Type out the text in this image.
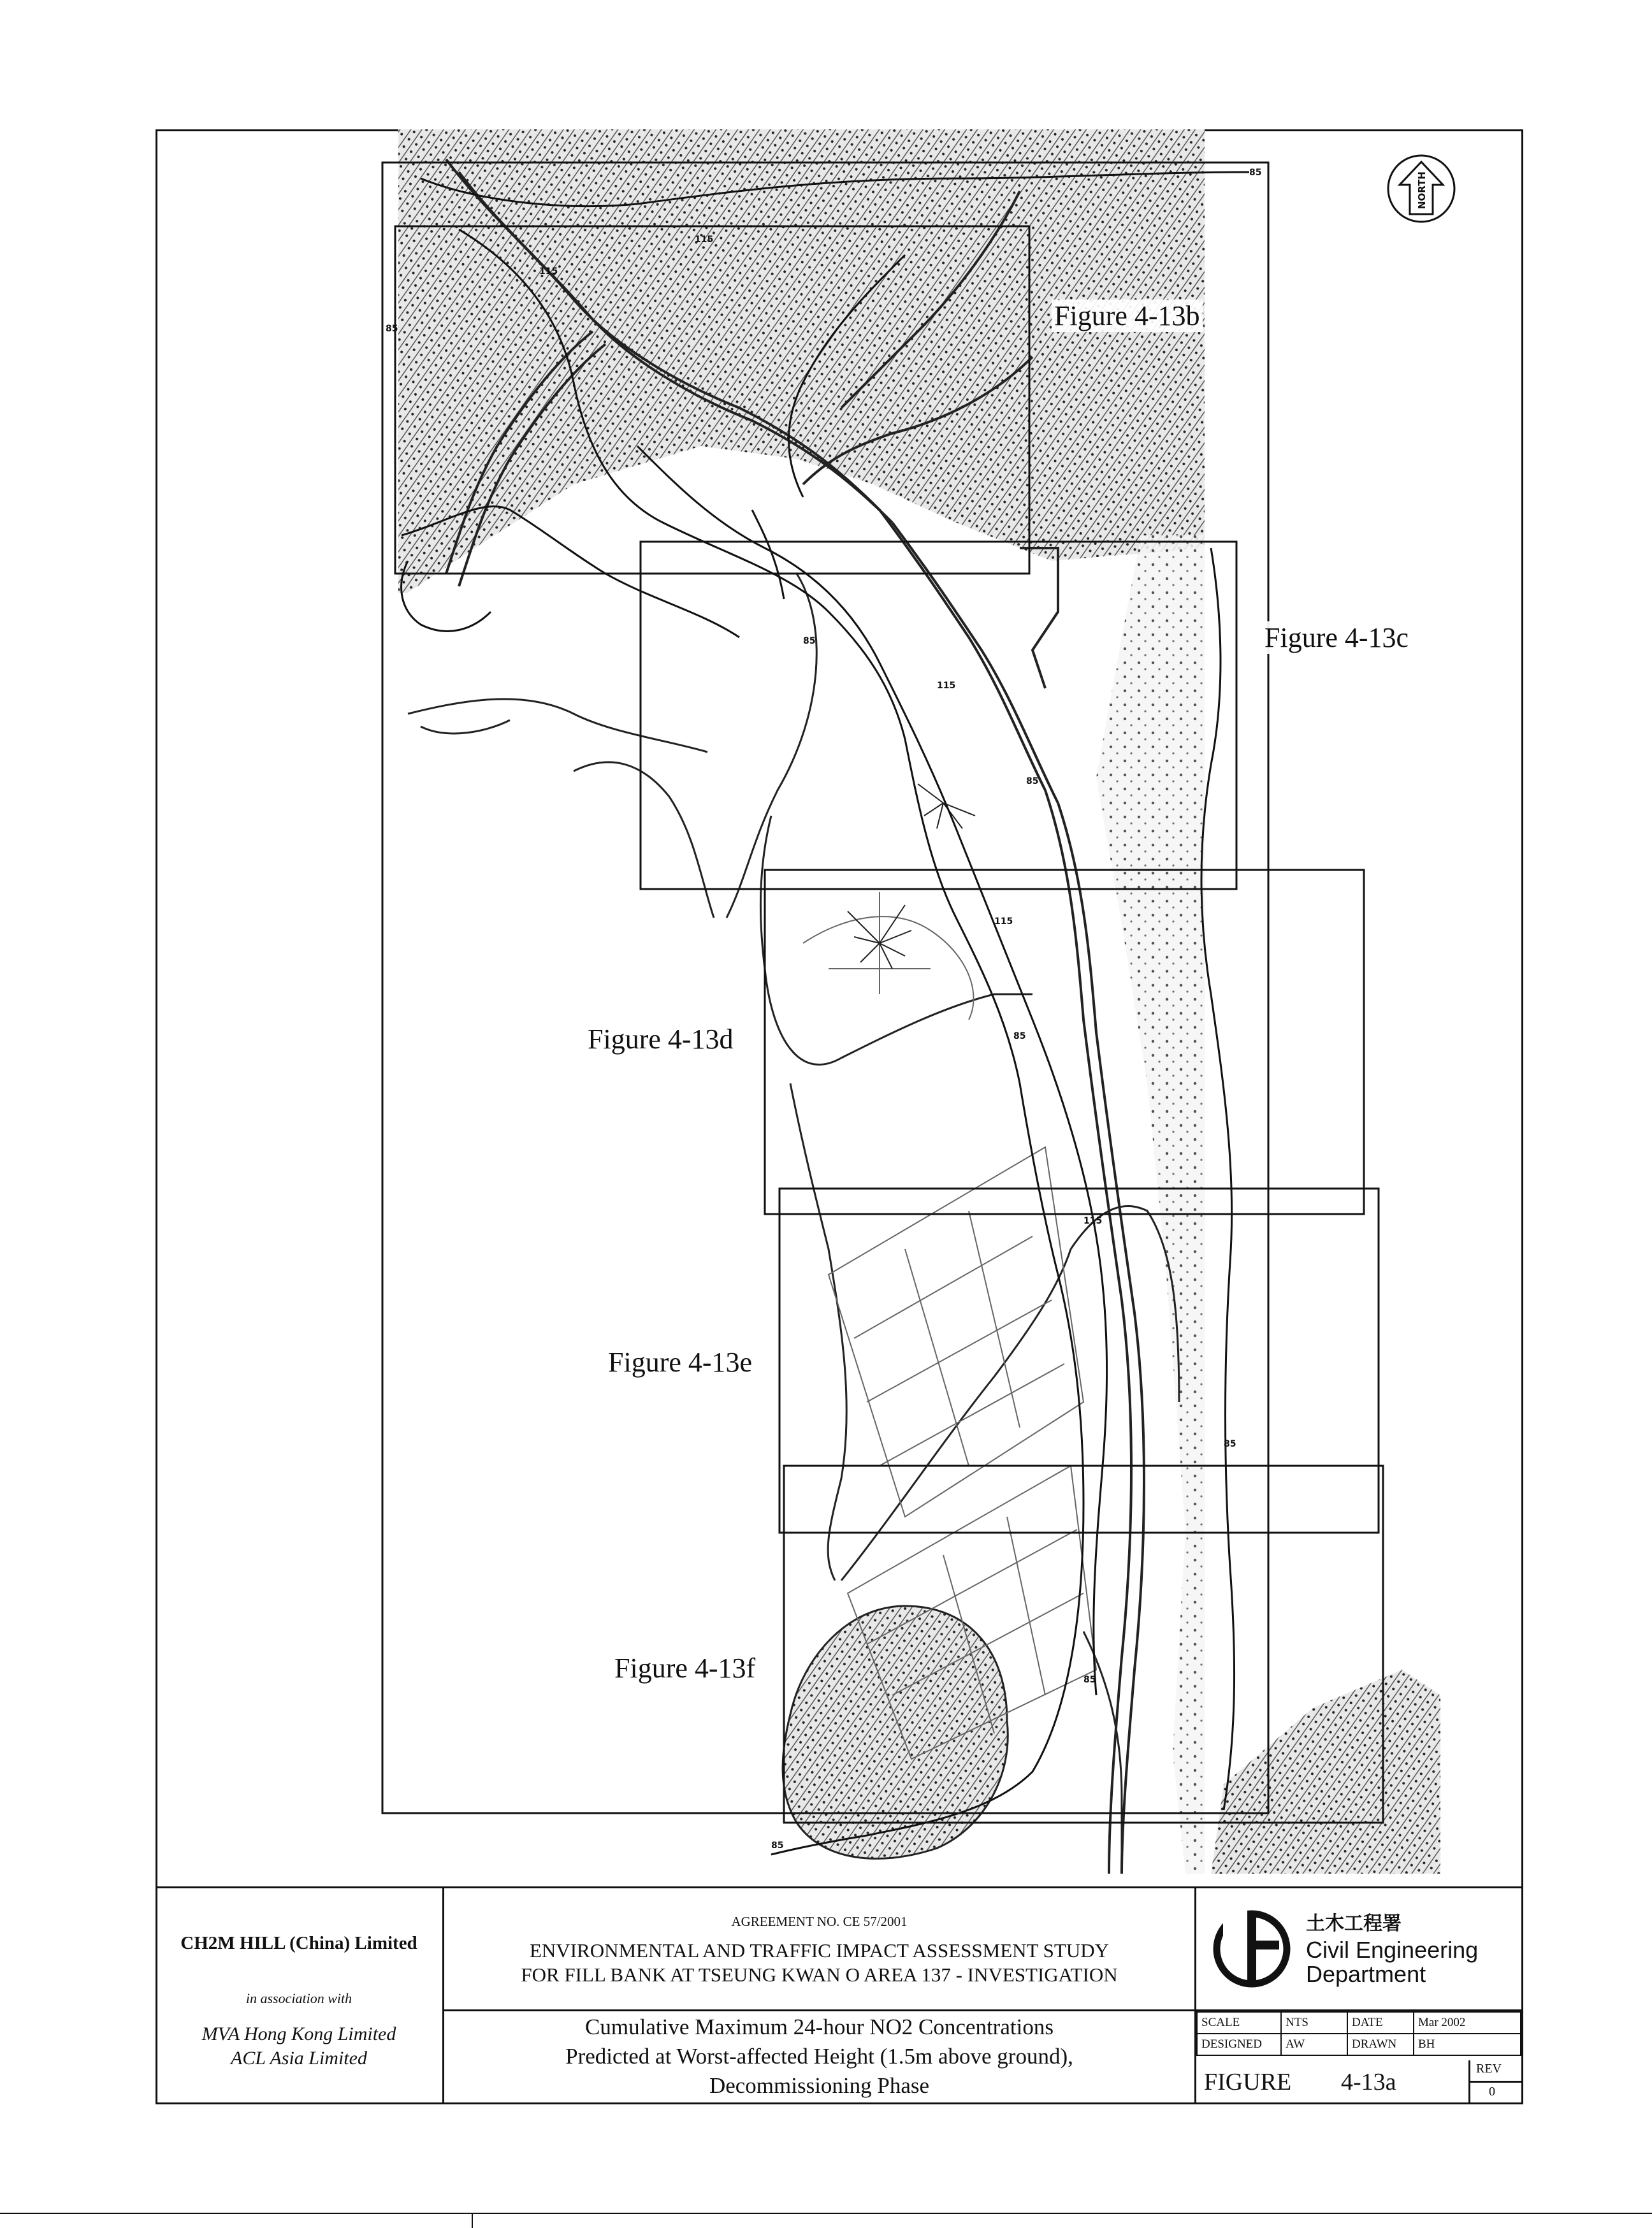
85
85
115
115
85
115
85
115
85
85
115
85
85
NORTH
Figure 4-13b
Figure 4-13c
Figure 4-13d
Figure 4-13e
Figure 4-13f
CH2M HILL (China) Limited
in association with
MVA Hong Kong Limited
ACL Asia Limited
AGREEMENT NO. CE 57/2001
ENVIRONMENTAL AND TRAFFIC IMPACT ASSESSMENT STUDY
FOR FILL BANK AT TSEUNG KWAN O AREA 137 - INVESTIGATION
Cumulative Maximum 24-hour NO2 Concentrations
Predicted at Worst-affected Height (1.5m above ground),
Decommissioning Phase
土木工程署
Civil Engineering
Department
SCALE	NTS	DATE	Mar 2002
DESIGNED	AW	DRAWN	BH
FIGURE 4-13a	REV
0
